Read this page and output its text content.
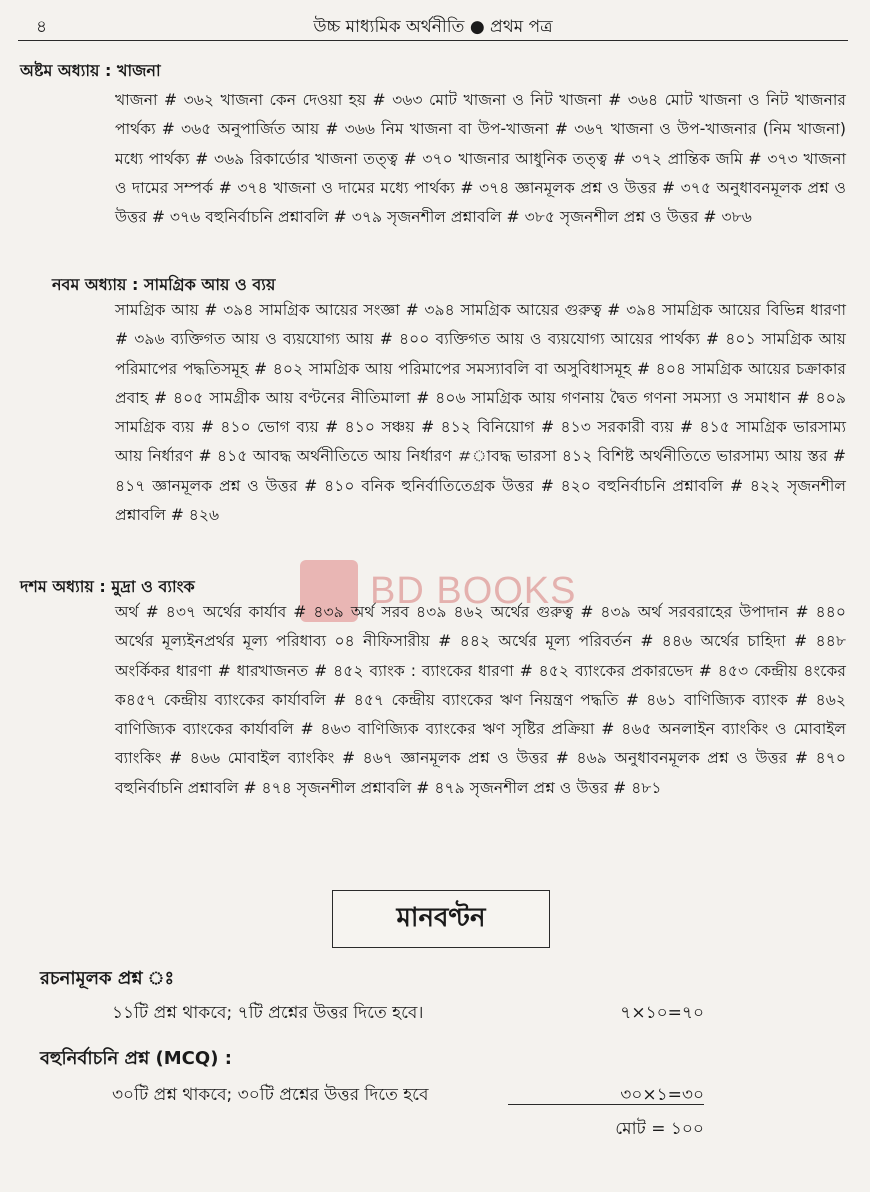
৪	উচ্চ মাধ্যমিক অর্থনীতি ● প্রথম পত্র
অষ্টম অধ্যায় : খাজনা
খাজনা # ৩৬২ খাজনা কেন দেওয়া হয় # ৩৬৩ মোট খাজনা ও নিট খাজনা # ৩৬৪ মোট খাজনা ও নিট খাজনার পার্থক্য # ৩৬৫ অনুপার্জিত আয় # ৩৬৬ নিম খাজনা বা উপ-খাজনা # ৩৬৭ খাজনা ও উপ-খাজনার (নিম খাজনা) মধ্যে পার্থক্য # ৩৬৯ রিকার্ডোর খাজনা তত্ত্ব # ৩৭০ খাজনার আধুনিক তত্ত্ব # ৩৭২ প্রান্তিক জমি # ৩৭৩ খাজনা ও দামের সম্পর্ক # ৩৭৪ খাজনা ও দামের মধ্যে পার্থক্য # ৩৭৪ জ্ঞানমূলক প্রশ্ন ও উত্তর # ৩৭৫ অনুধাবনমূলক প্রশ্ন ও উত্তর # ৩৭৬ বহুনির্বাচনি প্রশ্নাবলি # ৩৭৯ সৃজনশীল প্রশ্নাবলি # ৩৮৫ সৃজনশীল প্রশ্ন ও উত্তর # ৩৮৬
নবম অধ্যায় : সামগ্রিক আয় ও ব্যয়
সামগ্রিক আয় # ৩৯৪ সামগ্রিক আয়ের সংজ্ঞা # ৩৯৪ সামগ্রিক আয়ের গুরুত্ব # ৩৯৪ সামগ্রিক আয়ের বিভিন্ন ধারণা # ৩৯৬ ব্যক্তিগত আয় ও ব্যয়যোগ্য আয় # ৪০০ ব্যক্তিগত আয় ও ব্যয়যোগ্য আয়ের পার্থক্য # ৪০১ সামগ্রিক আয় পরিমাপের পদ্ধতিসমূহ # ৪০২ সামগ্রিক আয় পরিমাপের সমস্যাবলি বা অসুবিধাসমূহ # ৪০৪ সামগ্রিক আয়ের চক্রাকার প্রবাহ # ৪০৫ সামগ্রীক আয় বণ্টনের নীতিমালা # ৪০৬ সামগ্রিক আয় গণনায় দ্বৈত গণনা সমস্যা ও সমাধান # ৪০৯ সামগ্রিক ব্যয় # ৪১০ ভোগ ব্যয় # ৪১০ সঞ্চয় # ৪১২ বিনিয়োগ # ৪১৩ সরকারী ব্যয় # ৪১৫ সামগ্রিক ভারসাম্য আয় নির্ধারণ # ৪১৫ আবদ্ধ অর্থনীতিতে আয় নির্ধারণ #াবদ্ধ ভারসা ৪১২ বিশিষ্ট অর্থনীতিতে ভারসাম্য আয় স্তর # ৪১৭ জ্ঞানমূলক প্রশ্ন ও উত্তর # ৪১০ বনিক হুনির্বাতিতেগ্রক উত্তর # ৪২০ বহুনির্বাচনি প্রশ্নাবলি # ৪২২ সৃজনশীল প্রশ্নাবলি # ৪২৬
BD BOOKS
দশম অধ্যায় : মুদ্রা ও ব্যাংক
অর্থ # ৪৩৭ অর্থের কার্যাব # ৪৩৯ অর্থ সরব ৪৩৯ ৪৬২ অর্থের গুরুত্ব # ৪৩৯ অর্থ সরবরাহের উপাদান # ৪৪০ অর্থের মূল্যইনপ্রর্থর মূল্য পরিধাব্য ০৪ নীফিসারীয় # ৪৪২ অর্থের মূল্য পরিবর্তন # ৪৪৬ অর্থের চাহিদা # ৪৪৮ অংর্কিকর ধারণা # ধারখাজনত # ৪৫২ ব্যাংক : ব্যাংকের ধারণা # ৪৫২ ব্যাংকের প্রকারভেদ # ৪৫৩ কেন্দ্রীয় ৪ংকের ক৪৫৭ কেন্দ্রীয় ব্যাংকের কার্যাবলি # ৪৫৭ কেন্দ্রীয় ব্যাংকের ঋণ নিয়ন্ত্রণ পদ্ধতি # ৪৬১ বাণিজ্যিক ব্যাংক # ৪৬২ বাণিজ্যিক ব্যাংকের কার্যাবলি # ৪৬৩ বাণিজ্যিক ব্যাংকের ঋণ সৃষ্টির প্রক্রিয়া # ৪৬৫ অনলাইন ব্যাংকিং ও মোবাইল ব্যাংকিং # ৪৬৬ মোবাইল ব্যাংকিং # ৪৬৭ জ্ঞানমূলক প্রশ্ন ও উত্তর # ৪৬৯ অনুধাবনমূলক প্রশ্ন ও উত্তর # ৪৭০ বহুনির্বাচনি প্রশ্নাবলি # ৪৭৪ সৃজনশীল প্রশ্নাবলি # ৪৭৯ সৃজনশীল প্রশ্ন ও উত্তর # ৪৮১
মানবণ্টন
রচনামূলক প্রশ্ন ঃ
১১টি প্রশ্ন থাকবে; ৭টি প্রশ্নের উত্তর দিতে হবে।	৭×১০=৭০
বহুনির্বাচনি প্রশ্ন (MCQ) :
৩০টি প্রশ্ন থাকবে; ৩০টি প্রশ্নের উত্তর দিতে হবে	৩০×১=৩০
মোট = ১০০
